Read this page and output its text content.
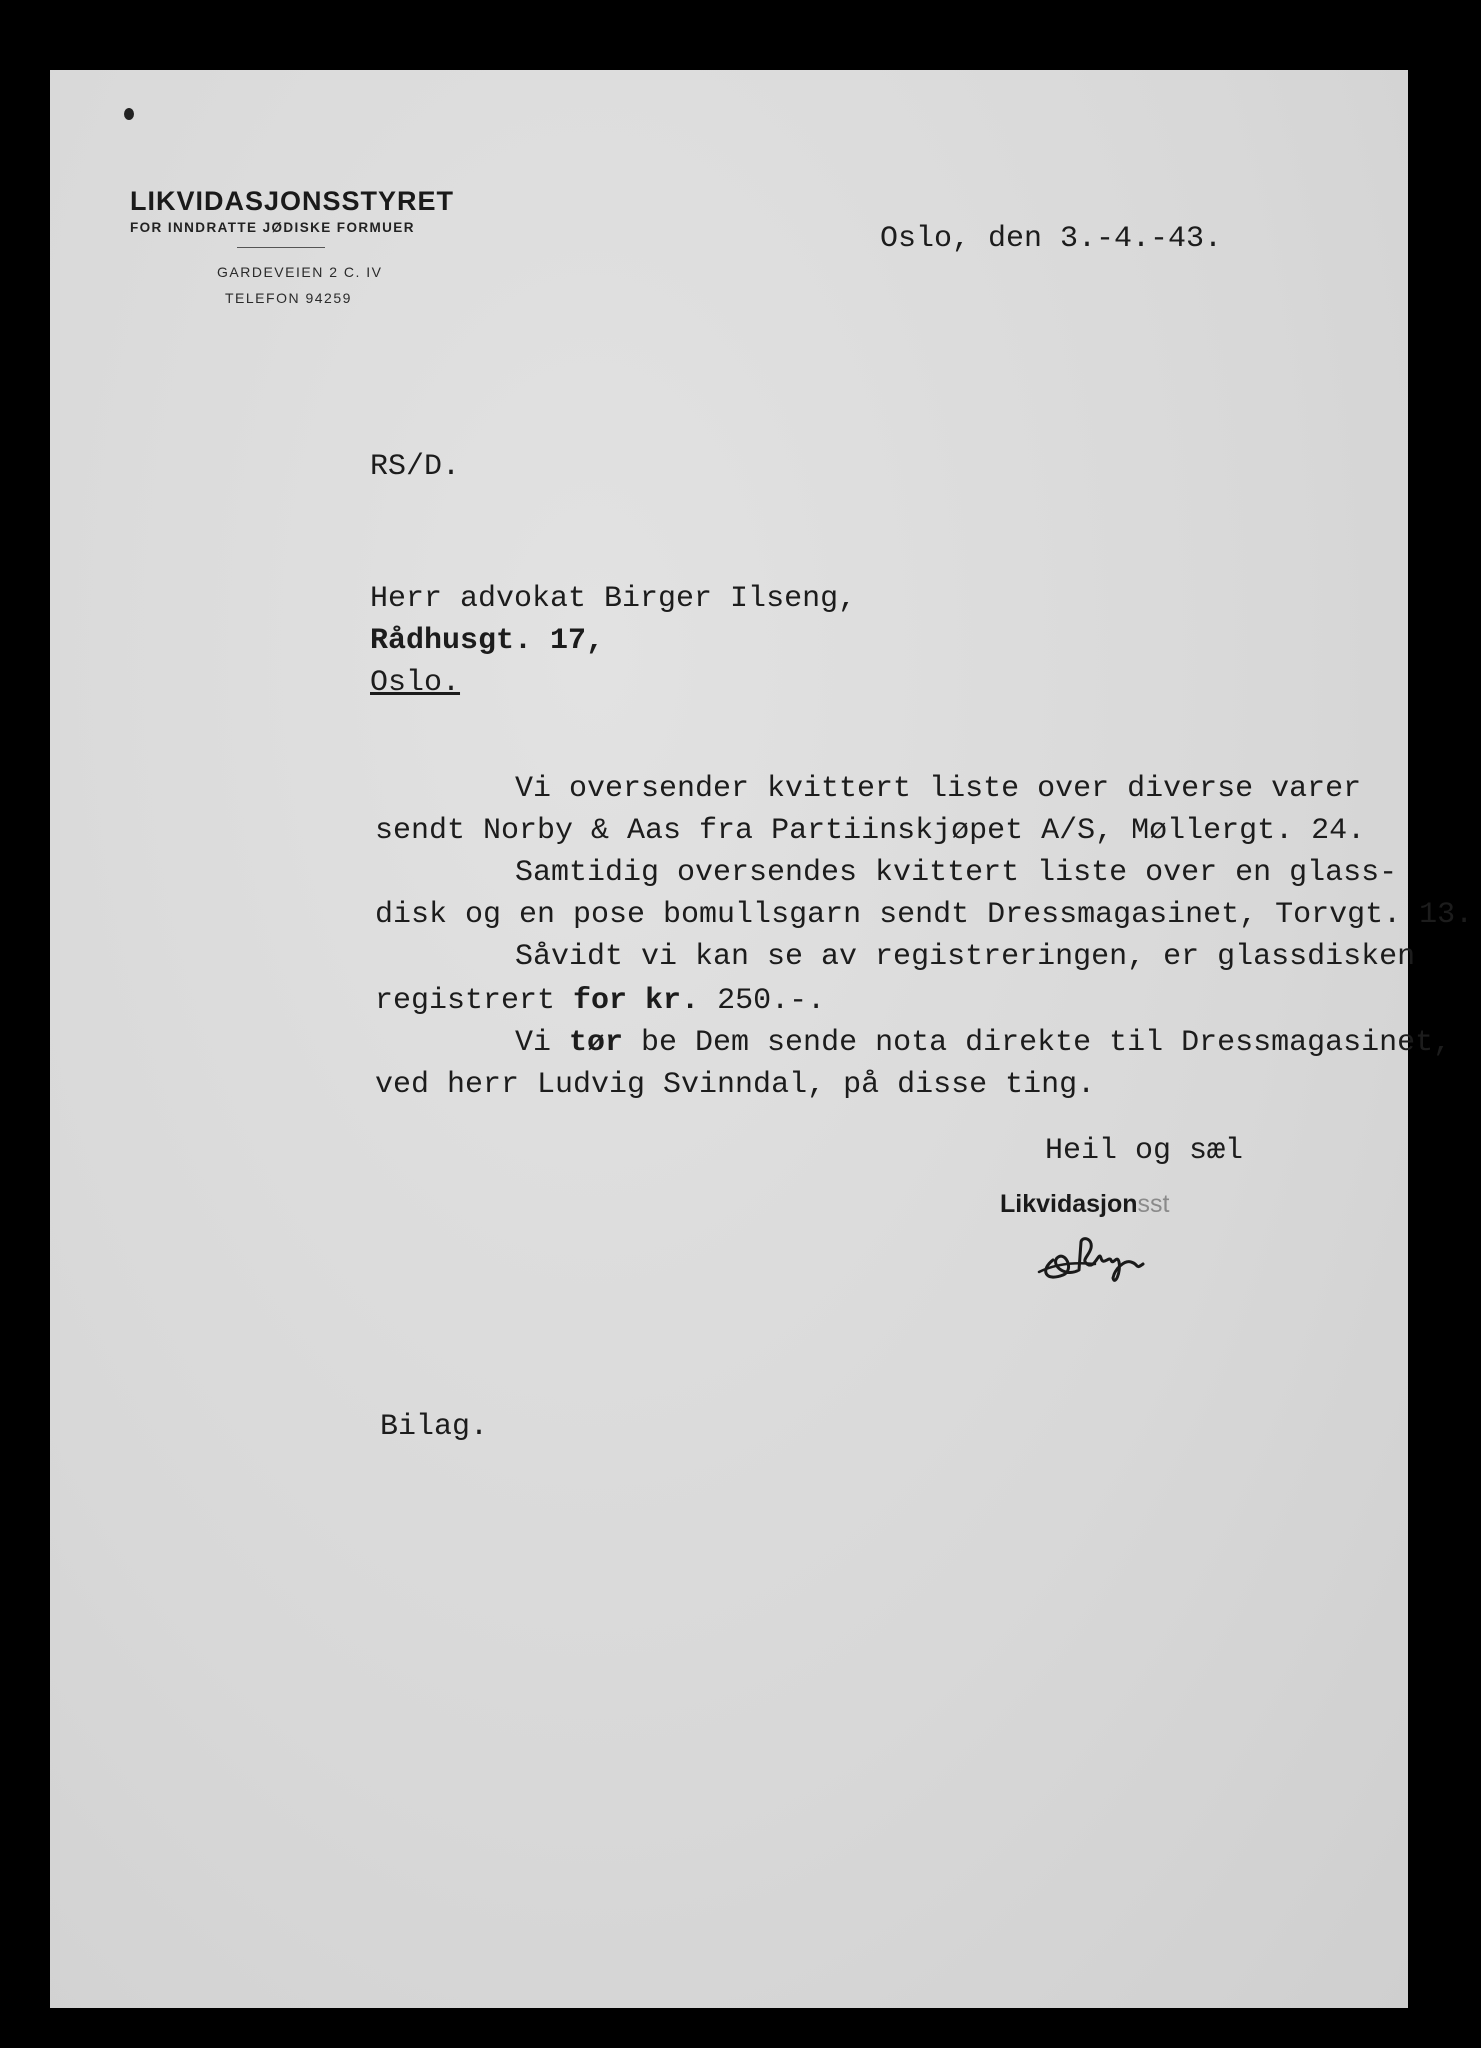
LIKVIDASJONSSTYRET
FOR INNDRATTE JØDISKE FORMUER
GARDEVEIEN 2 C. IV
TELEFON 94259
Oslo, den 3.-4.-43.
RS/D.
Herr advokat Birger Ilseng,
Rådhusgt. 17,
Oslo.
Vi oversender kvittert liste over diverse varer
sendt Norby & Aas fra Partiinskjøpet A/S, Møllergt. 24.
Samtidig oversendes kvittert liste over en glass-
disk og en pose bomullsgarn sendt Dressmagasinet, Torvgt. 13.
Såvidt vi kan se av registreringen, er glassdisken
registrert for kr. 250.-.
Vi tør be Dem sende nota direkte til Dressmagasinet,
ved herr Ludvig Svinndal, på disse ting.
Heil og sæl
Likvidasjonsst
Bilag.
